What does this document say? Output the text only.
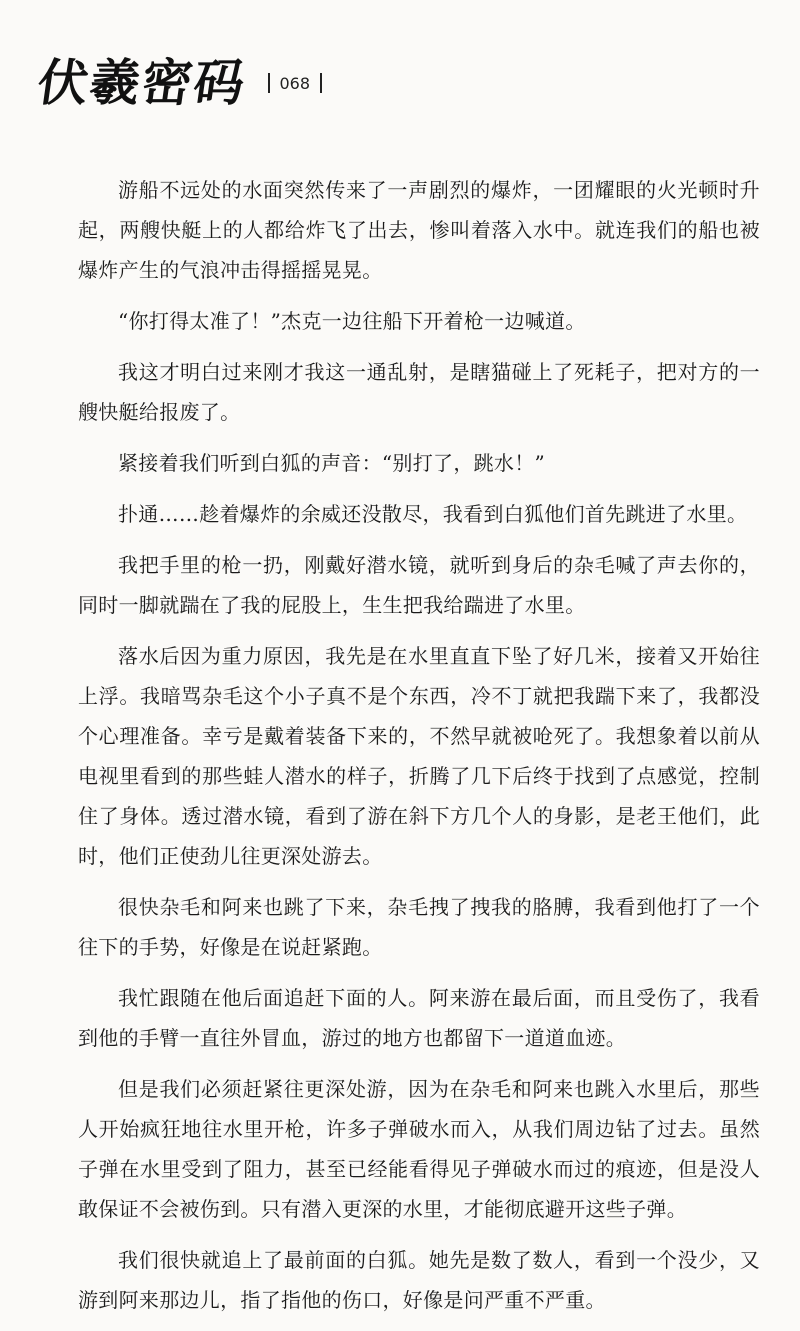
伏羲密码 068

游船不远处的水面突然传来了一声剧烈的爆炸，一团耀眼的火光顿时升起，两艘快艇上的人都给炸飞了出去，惨叫着落入水中。就连我们的船也被爆炸产生的气浪冲击得摇摇晃晃。

“你打得太准了！”杰克一边往船下开着枪一边喊道。

我这才明白过来刚才我这一通乱射，是瞎猫碰上了死耗子，把对方的一艘快艇给报废了。

紧接着我们听到白狐的声音：“别打了，跳水！”

扑通……趁着爆炸的余威还没散尽，我看到白狐他们首先跳进了水里。

我把手里的枪一扔，刚戴好潜水镜，就听到身后的杂毛喊了声去你的，同时一脚就踹在了我的屁股上，生生把我给踹进了水里。

落水后因为重力原因，我先是在水里直直下坠了好几米，接着又开始往上浮。我暗骂杂毛这个小子真不是个东西，冷不丁就把我踹下来了，我都没个心理准备。幸亏是戴着装备下来的，不然早就被呛死了。我想象着以前从电视里看到的那些蛙人潜水的样子，折腾了几下后终于找到了点感觉，控制住了身体。透过潜水镜，看到了游在斜下方几个人的身影，是老王他们，此时，他们正使劲儿往更深处游去。

很快杂毛和阿来也跳了下来，杂毛拽了拽我的胳膊，我看到他打了一个往下的手势，好像是在说赶紧跑。

我忙跟随在他后面追赶下面的人。阿来游在最后面，而且受伤了，我看到他的手臂一直往外冒血，游过的地方也都留下一道道血迹。

但是我们必须赶紧往更深处游，因为在杂毛和阿来也跳入水里后，那些人开始疯狂地往水里开枪，许多子弹破水而入，从我们周边钻了过去。虽然子弹在水里受到了阻力，甚至已经能看得见子弹破水而过的痕迹，但是没人敢保证不会被伤到。只有潜入更深的水里，才能彻底避开这些子弹。

我们很快就追上了最前面的白狐。她先是数了数人，看到一个没少，又游到阿来那边儿，指了指他的伤口，好像是问严重不严重。
